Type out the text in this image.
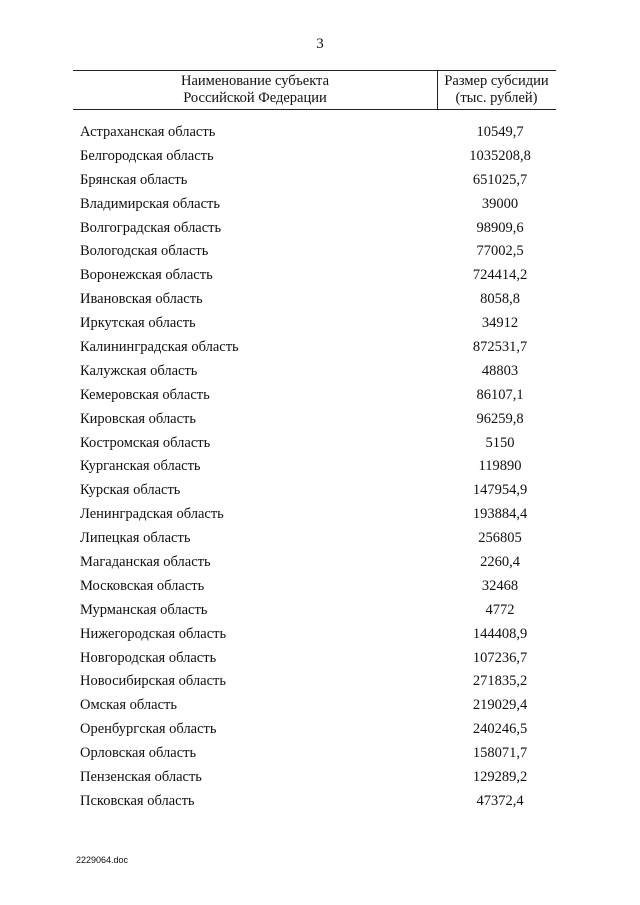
3
Наименование субъекта
Российской Федерации
Размер субсидии
(тыс. рублей)
Астраханская область	10549,7
Белгородская область	1035208,8
Брянская область	651025,7
Владимирская область	39000
Волгоградская область	98909,6
Вологодская область	77002,5
Воронежская область	724414,2
Ивановская область	8058,8
Иркутская область	34912
Калининградская область	872531,7
Калужская область	48803
Кемеровская область	86107,1
Кировская область	96259,8
Костромская область	5150
Курганская область	119890
Курская область	147954,9
Ленинградская область	193884,4
Липецкая область	256805
Магаданская область	2260,4
Московская область	32468
Мурманская область	4772
Нижегородская область	144408,9
Новгородская область	107236,7
Новосибирская область	271835,2
Омская область	219029,4
Оренбургская область	240246,5
Орловская область	158071,7
Пензенская область	129289,2
Псковская область	47372,4
2229064.doc
